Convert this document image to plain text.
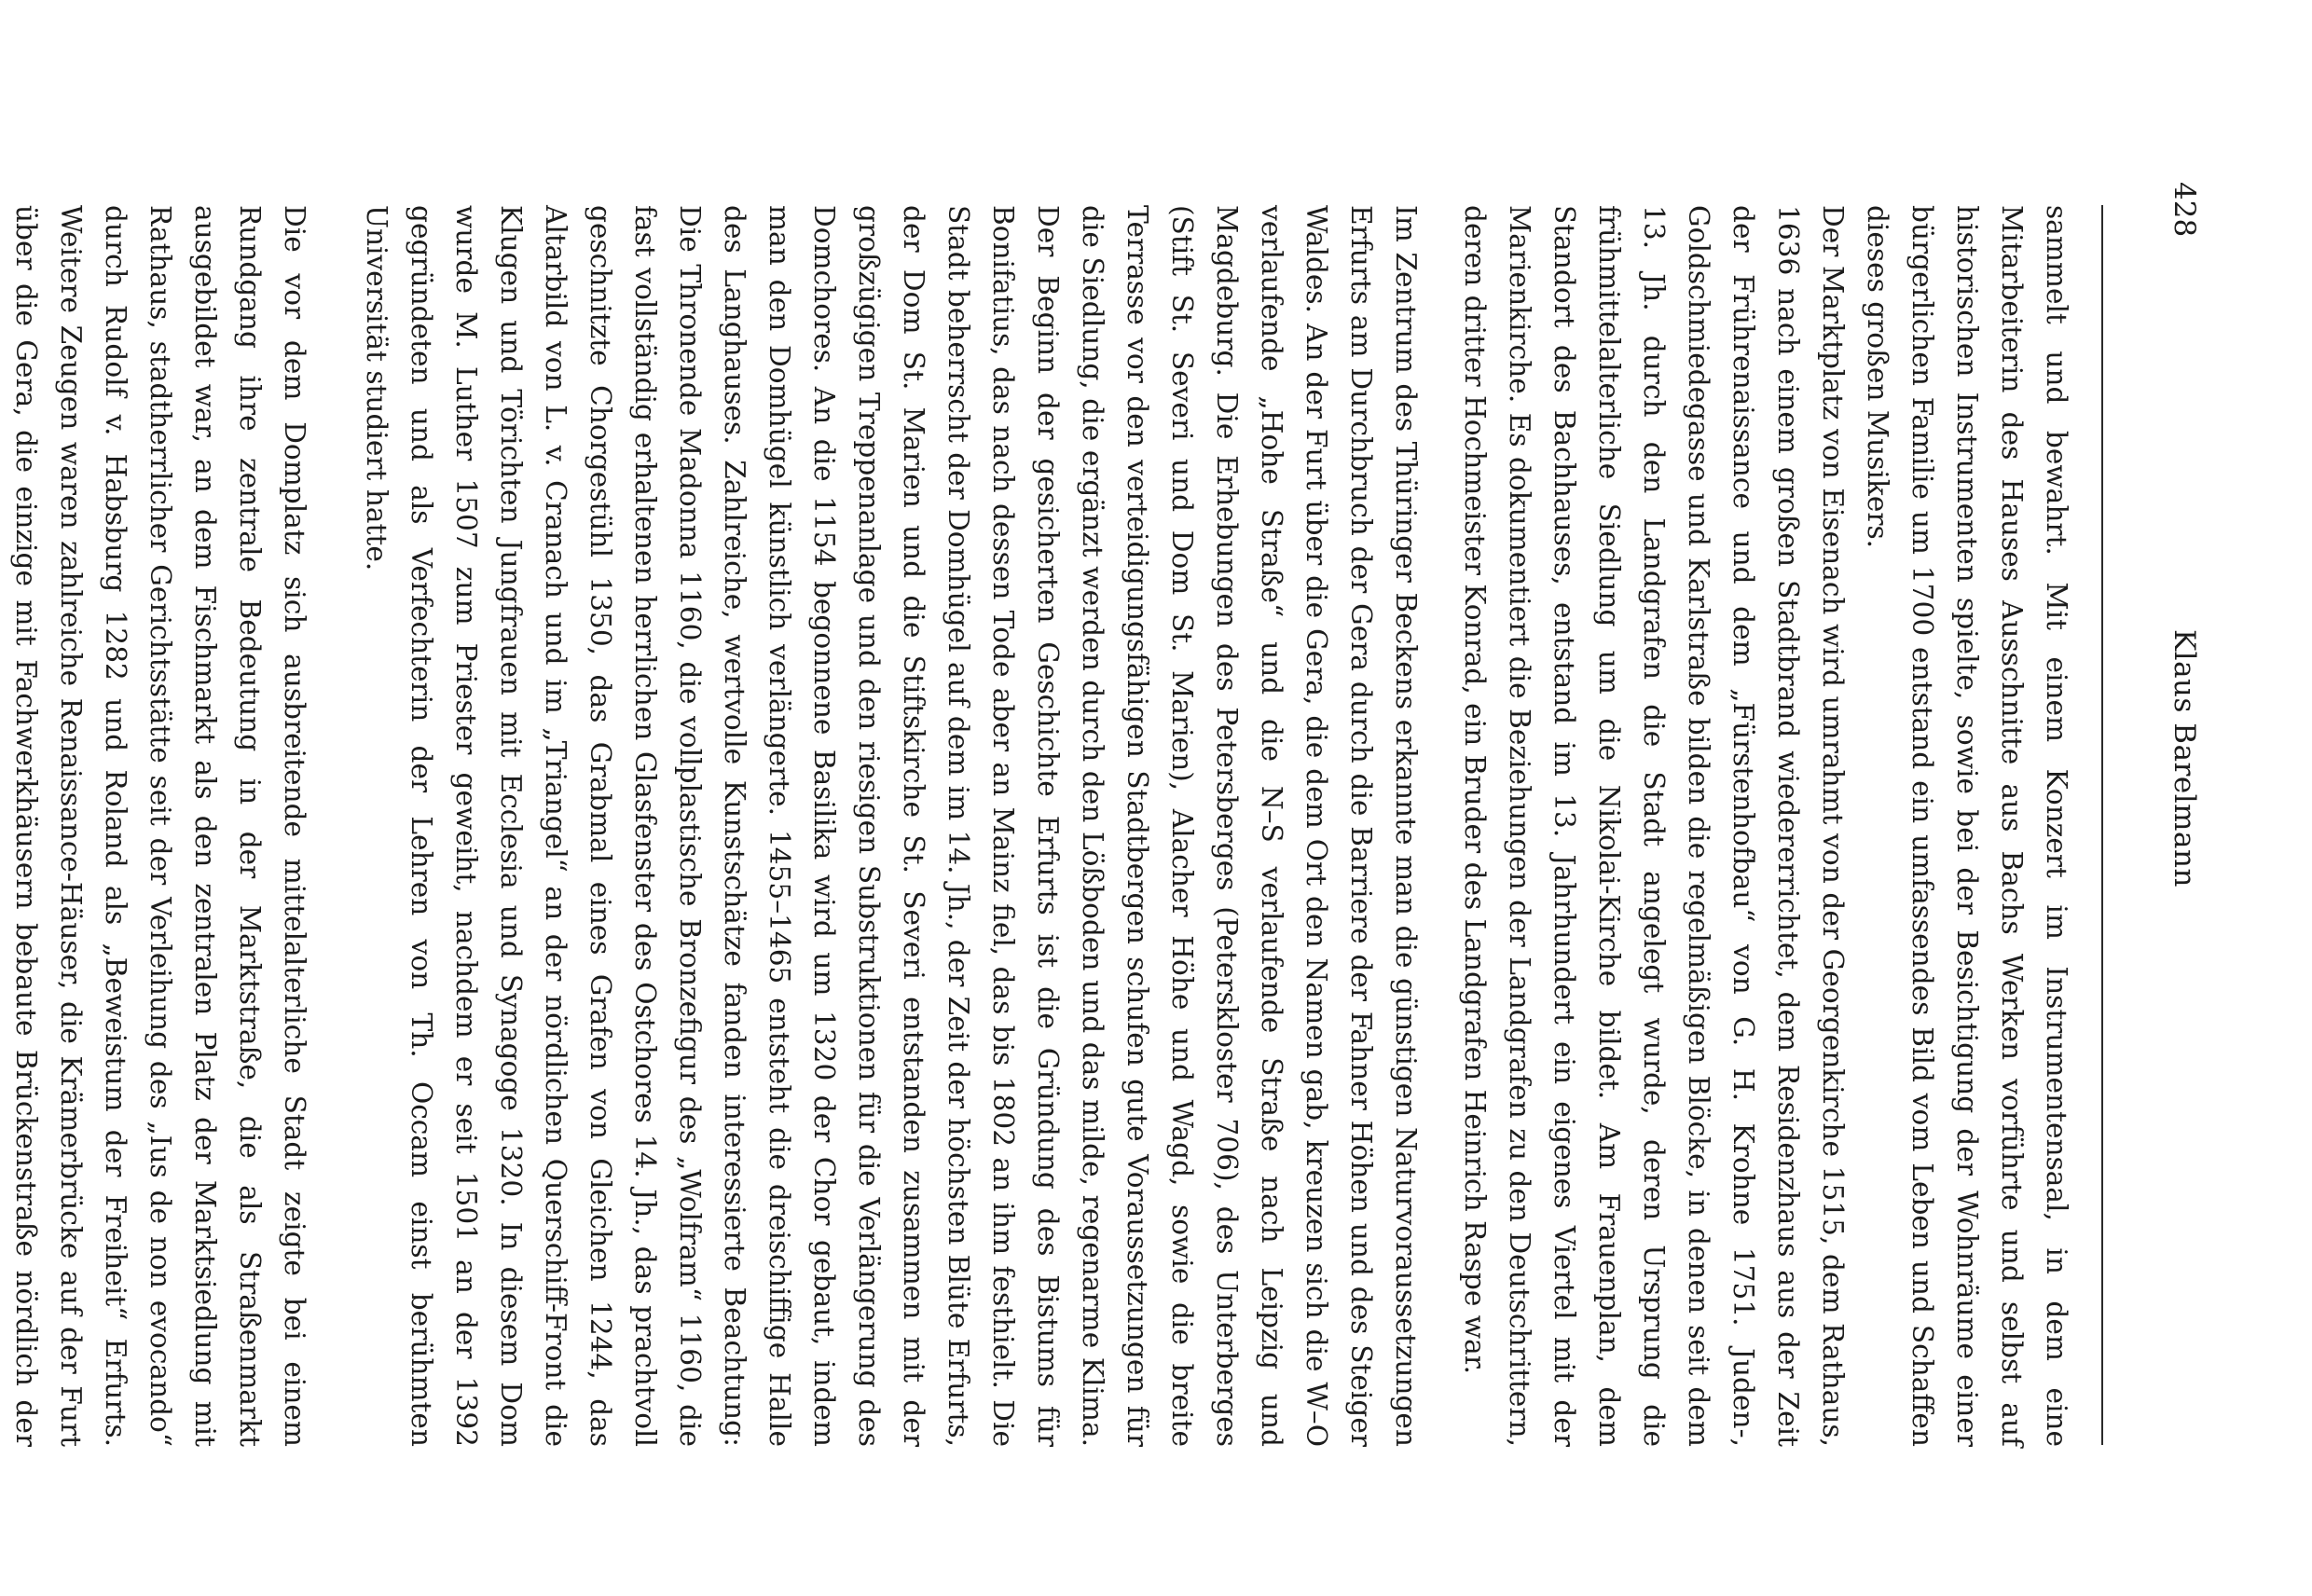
428
Klaus Barelmann

sammelt und bewahrt. Mit einem Konzert im Instrumentensaal, in dem eine Mitarbeiterin des Hauses Ausschnitte aus Bachs Werken vorführte und selbst auf historischen Instrumenten spielte, sowie bei der Besichtigung der Wohnräume einer bürgerlichen Familie um 1700 entstand ein umfassendes Bild vom Leben und Schaffen dieses großen Musikers.

Der Marktplatz von Eisenach wird umrahmt von der Georgenkirche 1515, dem Rathaus, 1636 nach einem großen Stadtbrand wiedererrichtet, dem Residenzhaus aus der Zeit der Frührenaissance und dem „Fürstenhofbau“ von G. H. Krohne 1751. Juden-, Goldschmiedegasse und Karlstraße bilden die regelmäßigen Blöcke, in denen seit dem 13. Jh. durch den Landgrafen die Stadt angelegt wurde, deren Ursprung die frühmittelalterliche Siedlung um die Nikolai-Kirche bildet. Am Frauenplan, dem Standort des Bachhauses, entstand im 13. Jahrhundert ein eigenes Viertel mit der Marienkirche. Es dokumentiert die Beziehungen der Landgrafen zu den Deutschrittern, deren dritter Hochmeister Konrad, ein Bruder des Landgrafen Heinrich Raspe war.

Im Zentrum des Thüringer Beckens erkannte man die günstigen Naturvoraussetzungen Erfurts am Durchbruch der Gera durch die Barriere der Fahner Höhen und des Steiger Waldes. An der Furt über die Gera, die dem Ort den Namen gab, kreuzen sich die W–O verlaufende „Hohe Straße“ und die N–S verlaufende Straße nach Leipzig und Magdeburg. Die Erhebungen des Petersberges (Peterskloster 706), des Unterberges (Stift St. Severi und Dom St. Marien), Alacher Höhe und Wagd, sowie die breite Terrasse vor den verteidigungsfähigen Stadtbergen schufen gute Voraussetzungen für die Siedlung, die ergänzt werden durch den Lößboden und das milde, regenarme Klima. Der Beginn der gesicherten Geschichte Erfurts ist die Gründung des Bistums für Bonifatius, das nach dessen Tode aber an Mainz fiel, das bis 1802 an ihm festhielt. Die Stadt beherrscht der Domhügel auf dem im 14. Jh., der Zeit der höchsten Blüte Erfurts, der Dom St. Marien und die Stiftskirche St. Severi entstanden zusammen mit der großzügigen Treppenanlage und den riesigen Substruktionen für die Verlängerung des Domchores. An die 1154 begonnene Basilika wird um 1320 der Chor gebaut, indem man den Domhügel künstlich verlängerte. 1455–1465 entsteht die dreischiffige Halle des Langhauses. Zahlreiche, wertvolle Kunstschätze fanden interessierte Beachtung: Die Thronende Madonna 1160, die vollplastische Bronzefigur des „Wolfram“ 1160, die fast vollständig erhaltenen herrlichen Glasfenster des Ostchores 14. Jh., das prachtvoll geschnitzte Chorgestühl 1350, das Grabmal eines Grafen von Gleichen 1244, das Altarbild von L. v. Cranach und im „Triangel“ an der nördlichen Querschiff-Front die Klugen und Törichten Jungfrauen mit Ecclesia und Synagoge 1320. In diesem Dom wurde M. Luther 1507 zum Priester geweiht, nachdem er seit 1501 an der 1392 gegründeten und als Verfechterin der Lehren von Th. Occam einst berühmten Universität studiert hatte.

Die vor dem Domplatz sich ausbreitende mittelalterliche Stadt zeigte bei einem Rundgang ihre zentrale Bedeutung in der Marktstraße, die als Straßenmarkt ausgebildet war, an dem Fischmarkt als den zentralen Platz der Marktsiedlung mit Rathaus, stadtherrlicher Gerichtsstätte seit der Verleihung des „Ius de non evocando“ durch Rudolf v. Habsburg 1282 und Roland als „Beweistum der Freiheit“ Erfurts. Weitere Zeugen waren zahlreiche Renaissance-Häuser, die Krämerbrücke auf der Furt über die Gera, die einzige mit Fachwerkhäusern bebaute Brückenstraße nördlich der
